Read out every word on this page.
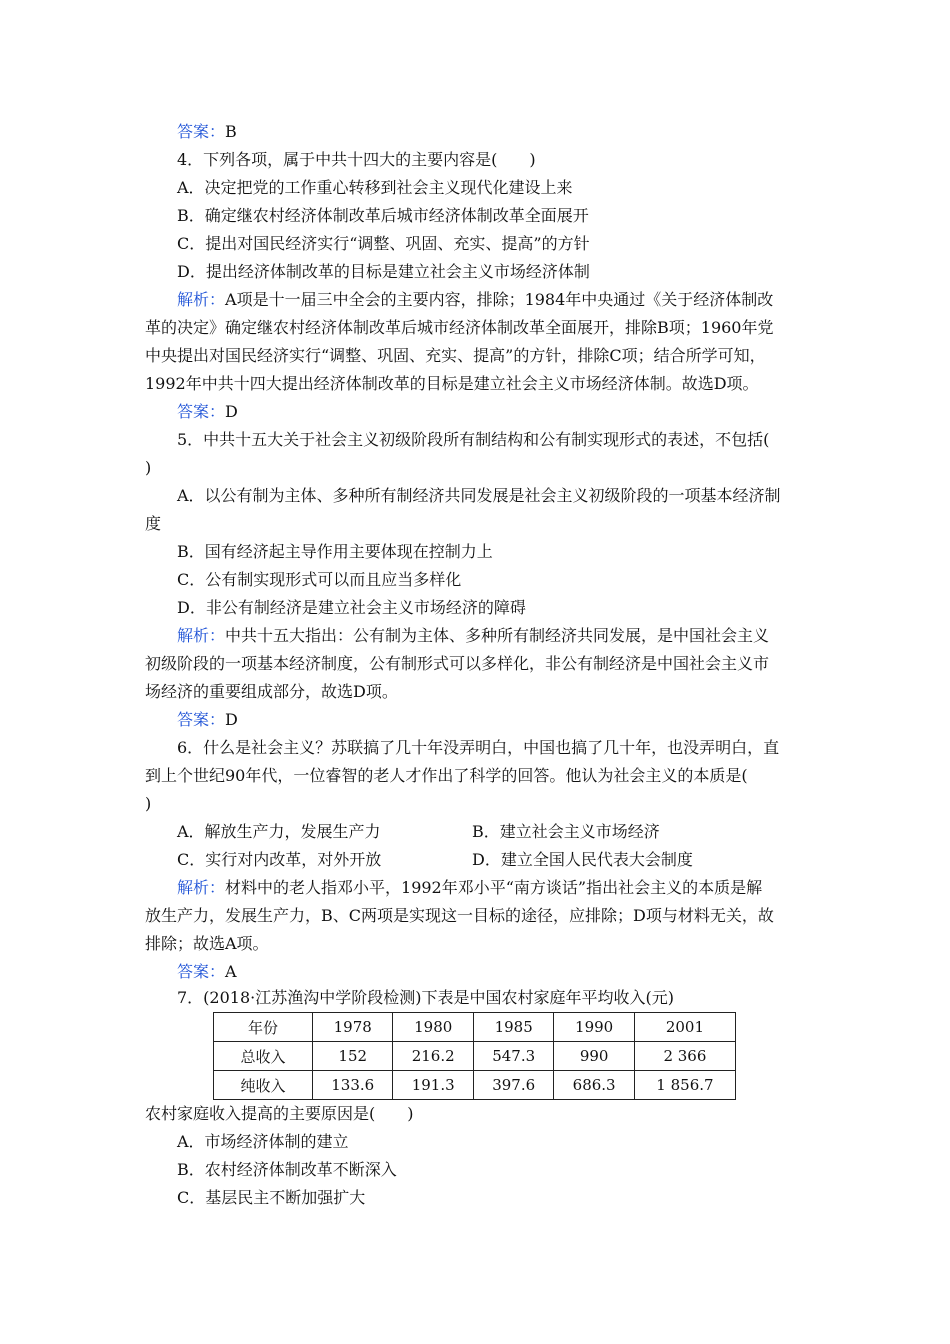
答案：B
4．下列各项，属于中共十四大的主要内容是(　　)
A．决定把党的工作重心转移到社会主义现代化建设上来
B．确定继农村经济体制改革后城市经济体制改革全面展开
C．提出对国民经济实行“调整、巩固、充实、提高”的方针
D．提出经济体制改革的目标是建立社会主义市场经济体制
解析：A项是十一届三中全会的主要内容，排除；1984年中央通过《关于经济体制改
革的决定》确定继农村经济体制改革后城市经济体制改革全面展开，排除B项；1960年党
中央提出对国民经济实行“调整、巩固、充实、提高”的方针，排除C项；结合所学可知，
1992年中共十四大提出经济体制改革的目标是建立社会主义市场经济体制。故选D项。
答案：D
5．中共十五大关于社会主义初级阶段所有制结构和公有制实现形式的表述，不包括(
)
A．以公有制为主体、多种所有制经济共同发展是社会主义初级阶段的一项基本经济制
度
B．国有经济起主导作用主要体现在控制力上
C．公有制实现形式可以而且应当多样化
D．非公有制经济是建立社会主义市场经济的障碍
解析：中共十五大指出：公有制为主体、多种所有制经济共同发展，是中国社会主义
初级阶段的一项基本经济制度，公有制形式可以多样化，非公有制经济是中国社会主义市
场经济的重要组成部分，故选D项。
答案：D
6．什么是社会主义？苏联搞了几十年没弄明白，中国也搞了几十年，也没弄明白，直
到上个世纪90年代，一位睿智的老人才作出了科学的回答。他认为社会主义的本质是(
)
A．解放生产力，发展生产力	B．建立社会主义市场经济
C．实行对内改革，对外开放	D．建立全国人民代表大会制度
解析：材料中的老人指邓小平，1992年邓小平“南方谈话”指出社会主义的本质是解
放生产力，发展生产力，B、C两项是实现这一目标的途径，应排除；D项与材料无关，故
排除；故选A项。
答案：A
7．(2018·江苏渔沟中学阶段检测)下表是中国农村家庭年平均收入(元)
年份	1978	1980	1985	1990	2001
总收入	152	216.2	547.3	990	2 366
纯收入	133.6	191.3	397.6	686.3	1 856.7
农村家庭收入提高的主要原因是(　　)
A．市场经济体制的建立
B．农村经济体制改革不断深入
C．基层民主不断加强扩大
